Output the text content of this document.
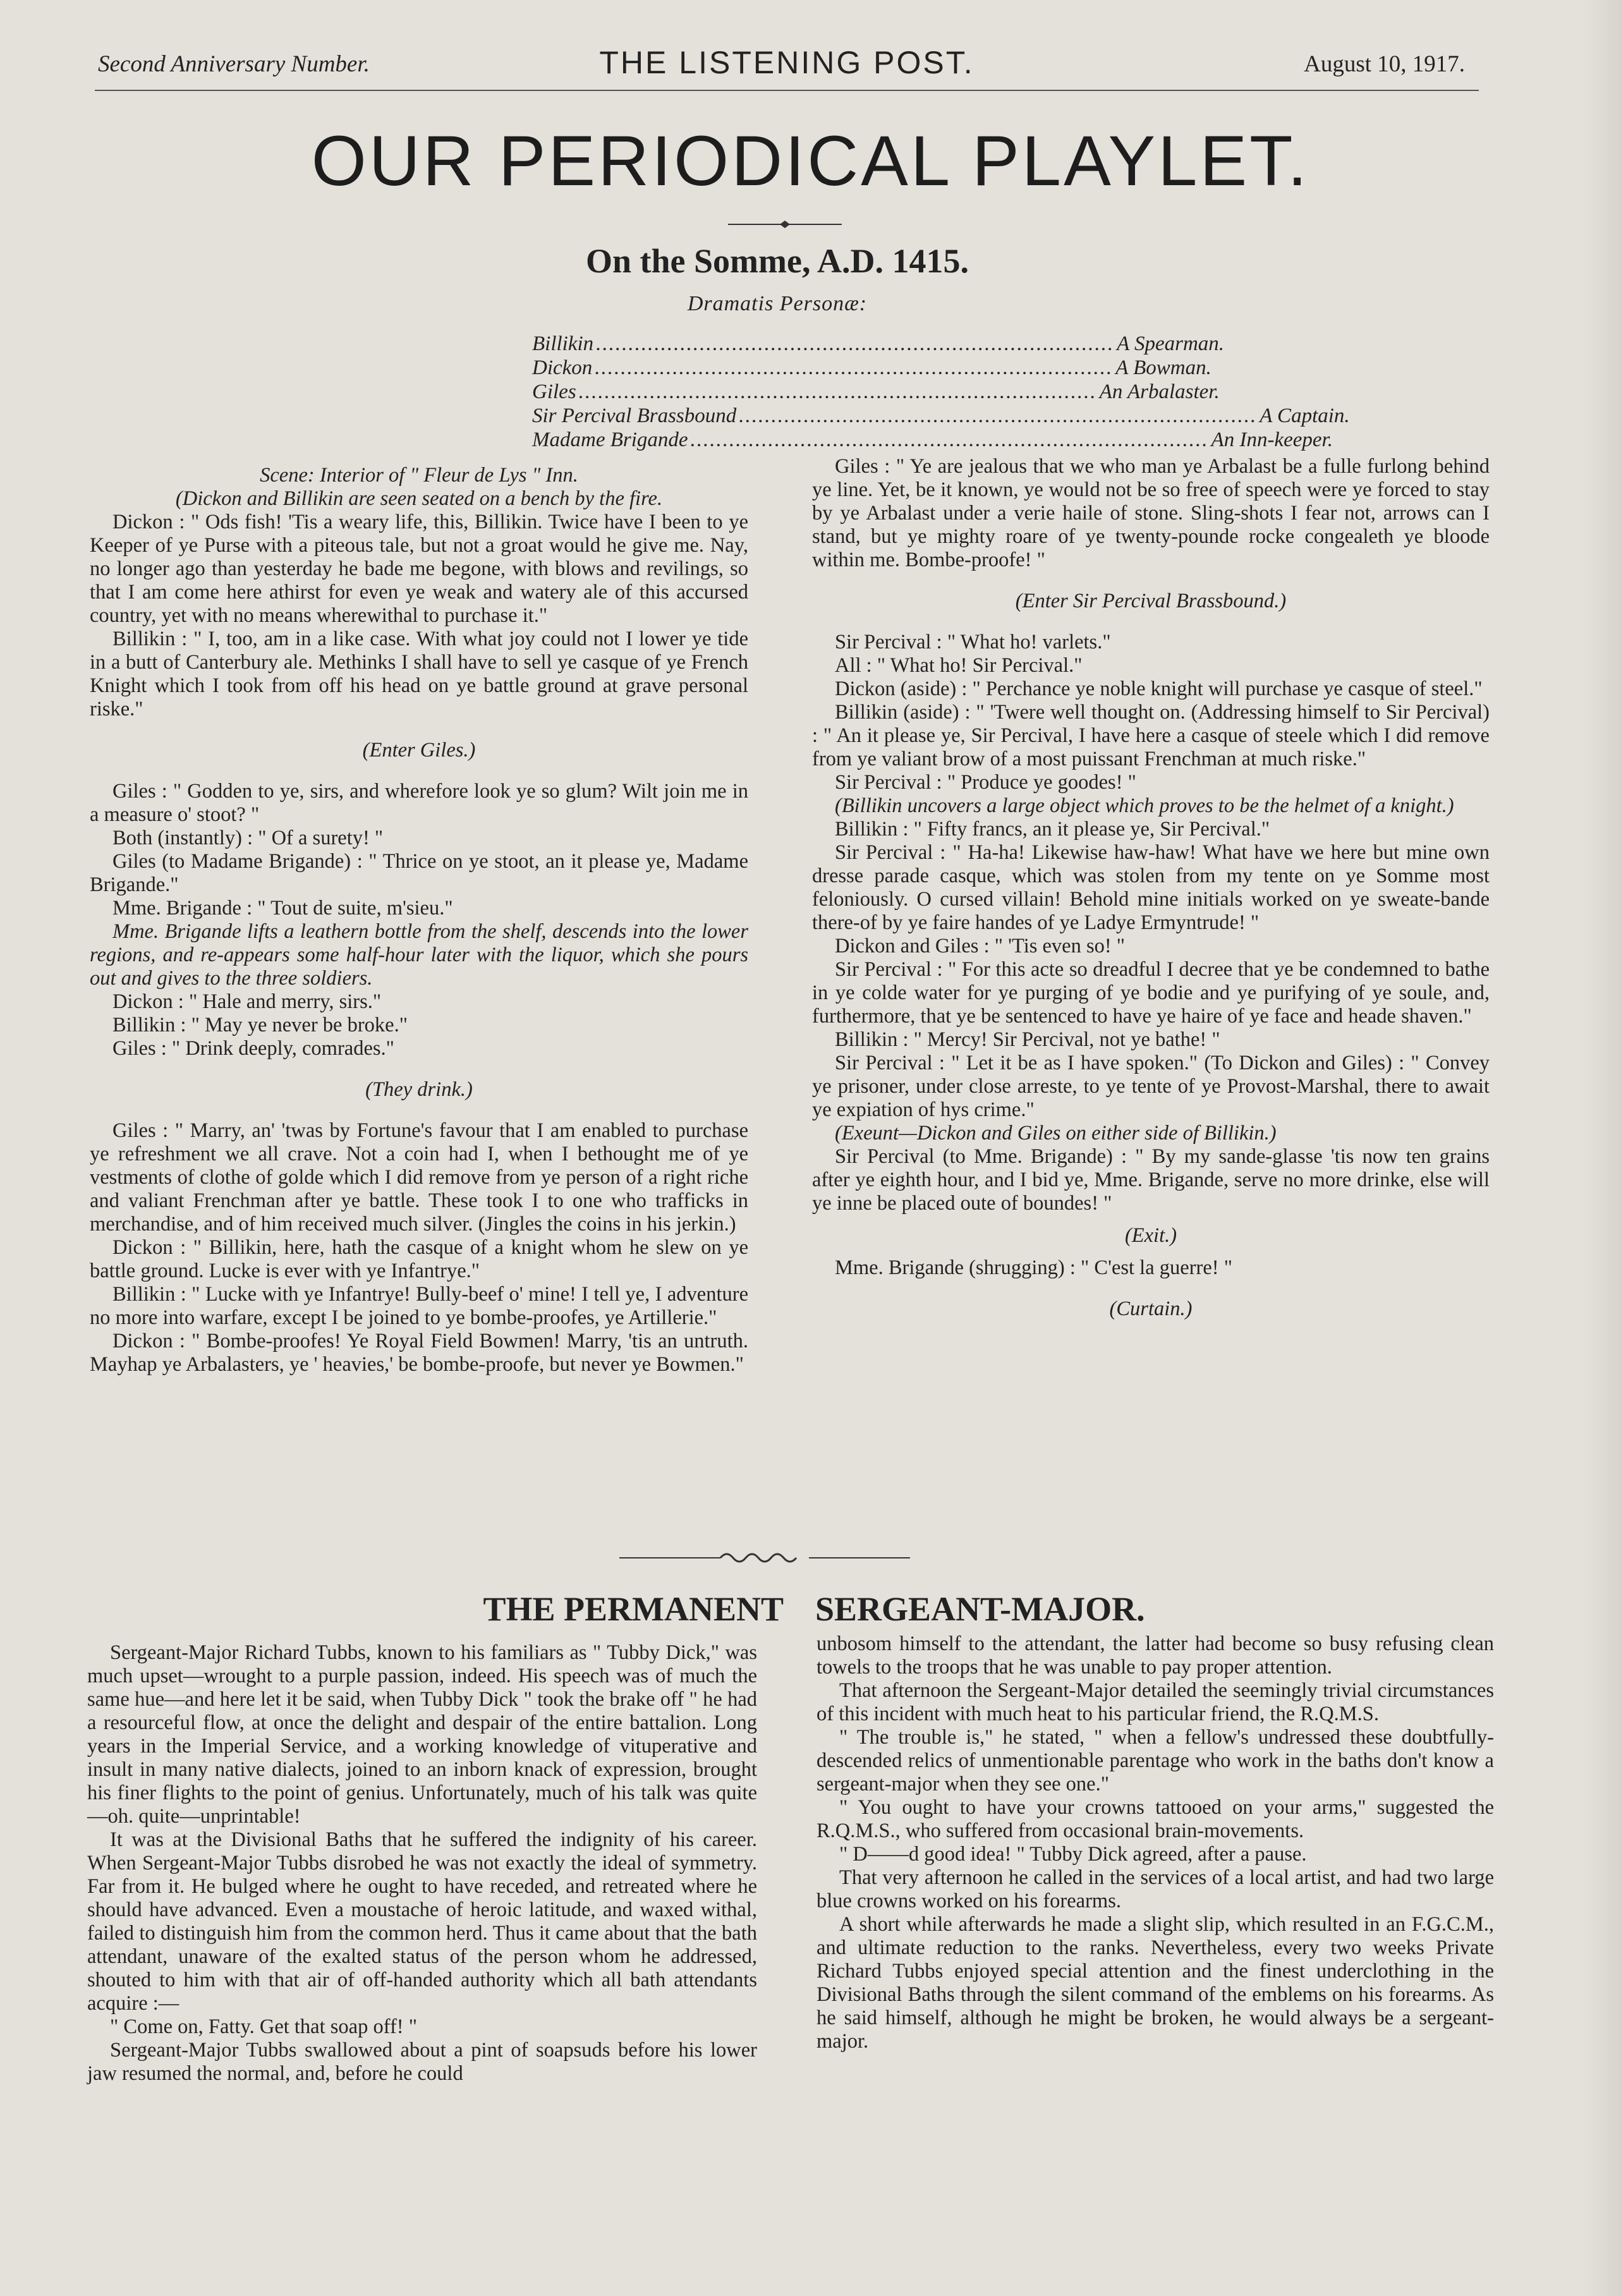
Second Anniversary Number.	THE LISTENING POST.	August 10, 1917.
OUR PERIODICAL PLAYLET.
On the Somme, A.D. 1415.
Dramatis Personæ:
Billikin ................................................................................ A Spearman.
Dickon ................................................................................ A Bowman.
Giles ................................................................................ An Arbalaster.
Sir Percival Brassbound ................................................................................ A Captain.
Madame Brigande ................................................................................ An Inn-keeper.

Scene: Interior of " Fleur de Lys " Inn.

(Dickon and Billikin are seen seated on a bench by the fire.

Dickon : " Ods fish! 'Tis a weary life, this, Billikin. Twice have I been to ye Keeper of ye Purse with a piteous tale, but not a groat would he give me. Nay, no longer ago than yesterday he bade me begone, with blows and revilings, so that I am come here athirst for even ye weak and watery ale of this accursed country, yet with no means wherewithal to purchase it."

Billikin : " I, too, am in a like case. With what joy could not I lower ye tide in a butt of Canterbury ale. Methinks I shall have to sell ye casque of ye French Knight which I took from off his head on ye battle ground at grave personal riske."

(Enter Giles.)

Giles : " Godden to ye, sirs, and wherefore look ye so glum? Wilt join me in a measure o' stoot? "

Both (instantly) : " Of a surety! "

Giles (to Madame Brigande) : " Thrice on ye stoot, an it please ye, Madame Brigande."

Mme. Brigande : " Tout de suite, m'sieu."

Mme. Brigande lifts a leathern bottle from the shelf, descends into the lower regions, and re-appears some half-hour later with the liquor, which she pours out and gives to the three soldiers.

Dickon : " Hale and merry, sirs."

Billikin : " May ye never be broke."

Giles : " Drink deeply, comrades."

(They drink.)

Giles : " Marry, an' 'twas by Fortune's favour that I am enabled to purchase ye refreshment we all crave. Not a coin had I, when I bethought me of ye vestments of clothe of golde which I did remove from ye person of a right riche and valiant Frenchman after ye battle. These took I to one who trafficks in merchandise, and of him received much silver. (Jingles the coins in his jerkin.)

Dickon : " Billikin, here, hath the casque of a knight whom he slew on ye battle ground. Lucke is ever with ye Infantrye."

Billikin : " Lucke with ye Infantrye! Bully-beef o' mine! I tell ye, I adventure no more into warfare, except I be joined to ye bombe-proofes, ye Artillerie."

Dickon : " Bombe-proofes! Ye Royal Field Bowmen! Marry, 'tis an untruth. Mayhap ye Arbalasters, ye ' heavies,' be bombe-proofe, but never ye Bowmen."

Giles : " Ye are jealous that we who man ye Arbalast be a fulle furlong behind ye line. Yet, be it known, ye would not be so free of speech were ye forced to stay by ye Arbalast under a verie haile of stone. Sling-shots I fear not, arrows can I stand, but ye mighty roare of ye twenty-pounde rocke congealeth ye bloode within me. Bombe-proofe! "

(Enter Sir Percival Brassbound.)

Sir Percival : " What ho! varlets."

All : " What ho! Sir Percival."

Dickon (aside) : " Perchance ye noble knight will purchase ye casque of steel."

Billikin (aside) : " 'Twere well thought on. (Addressing himself to Sir Percival) : " An it please ye, Sir Percival, I have here a casque of steele which I did remove from ye valiant brow of a most puissant Frenchman at much riske."

Sir Percival : " Produce ye goodes! "

(Billikin uncovers a large object which proves to be the helmet of a knight.)

Billikin : " Fifty francs, an it please ye, Sir Percival."

Sir Percival : " Ha-ha! Likewise haw-haw! What have we here but mine own dresse parade casque, which was stolen from my tente on ye Somme most feloniously. O cursed villain! Behold mine initials worked on ye sweate-bande there-of by ye faire handes of ye Ladye Ermyntrude! "

Dickon and Giles : " 'Tis even so! "

Sir Percival : " For this acte so dreadful I decree that ye be condemned to bathe in ye colde water for ye purging of ye bodie and ye purifying of ye soule, and, furthermore, that ye be sentenced to have ye haire of ye face and heade shaven."

Billikin : " Mercy! Sir Percival, not ye bathe! "

Sir Percival : " Let it be as I have spoken." (To Dickon and Giles) : " Convey ye prisoner, under close arreste, to ye tente of ye Provost-Marshal, there to await ye expiation of hys crime."

(Exeunt—Dickon and Giles on either side of Billikin.)

Sir Percival (to Mme. Brigande) : " By my sande-glasse 'tis now ten grains after ye eighth hour, and I bid ye, Mme. Brigande, serve no more drinke, else will ye inne be placed oute of boundes! "

(Exit.)

Mme. Brigande (shrugging) : " C'est la guerre! "

(Curtain.)

THE PERMANENT SERGEANT-MAJOR.

Sergeant-Major Richard Tubbs, known to his familiars as " Tubby Dick," was much upset—wrought to a purple passion, indeed. His speech was of much the same hue—and here let it be said, when Tubby Dick " took the brake off " he had a resourceful flow, at once the delight and despair of the entire battalion. Long years in the Imperial Service, and a working knowledge of vituperative and insult in many native dialects, joined to an inborn knack of expression, brought his finer flights to the point of genius. Unfortunately, much of his talk was quite—oh. quite—unprintable!

It was at the Divisional Baths that he suffered the indignity of his career. When Sergeant-Major Tubbs disrobed he was not exactly the ideal of symmetry. Far from it. He bulged where he ought to have receded, and retreated where he should have advanced. Even a moustache of heroic latitude, and waxed withal, failed to distinguish him from the common herd. Thus it came about that the bath attendant, unaware of the exalted status of the person whom he addressed, shouted to him with that air of off-handed authority which all bath attendants acquire :—

" Come on, Fatty. Get that soap off! "

Sergeant-Major Tubbs swallowed about a pint of soapsuds before his lower jaw resumed the normal, and, before he could

unbosom himself to the attendant, the latter had become so busy refusing clean towels to the troops that he was unable to pay proper attention.

That afternoon the Sergeant-Major detailed the seemingly trivial circumstances of this incident with much heat to his particular friend, the R.Q.M.S.

" The trouble is," he stated, " when a fellow's undressed these doubtfully-descended relics of unmentionable parentage who work in the baths don't know a sergeant-major when they see one."

" You ought to have your crowns tattooed on your arms," suggested the R.Q.M.S., who suffered from occasional brain-movements.

" D——d good idea! " Tubby Dick agreed, after a pause.

That very afternoon he called in the services of a local artist, and had two large blue crowns worked on his forearms.

A short while afterwards he made a slight slip, which resulted in an F.G.C.M., and ultimate reduction to the ranks. Nevertheless, every two weeks Private Richard Tubbs enjoyed special attention and the finest underclothing in the Divisional Baths through the silent command of the emblems on his forearms. As he said himself, although he might be broken, he would always be a sergeant-major.
